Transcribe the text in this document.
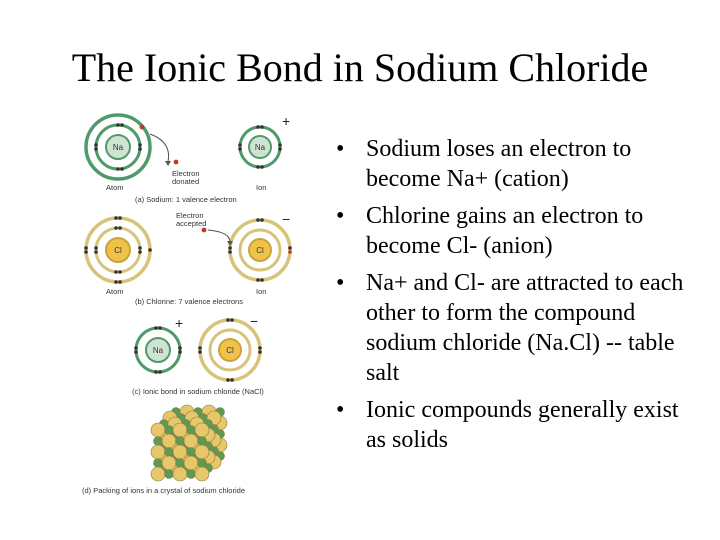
The Ionic Bond in Sodium Chloride
Na	Na
+
Electron
donated
Atom	Ion
(a) Sodium: 1 valence electron
Cl	Cl
−
Electron
accepted
Atom	Ion
(b) Chlorine: 7 valence electrons
Na
+
Cl
−
(c) Ionic bond in sodium chloride (NaCl)
(d) Packing of ions in a crystal of sodium chloride
• Sodium loses an electron to become Na+ (cation)
• Chlorine gains an electron to become Cl- (anion)
• Na+ and Cl- are attracted to each other to form the compound sodium chloride (Na.Cl) -- table salt
• Ionic compounds generally exist as solids
